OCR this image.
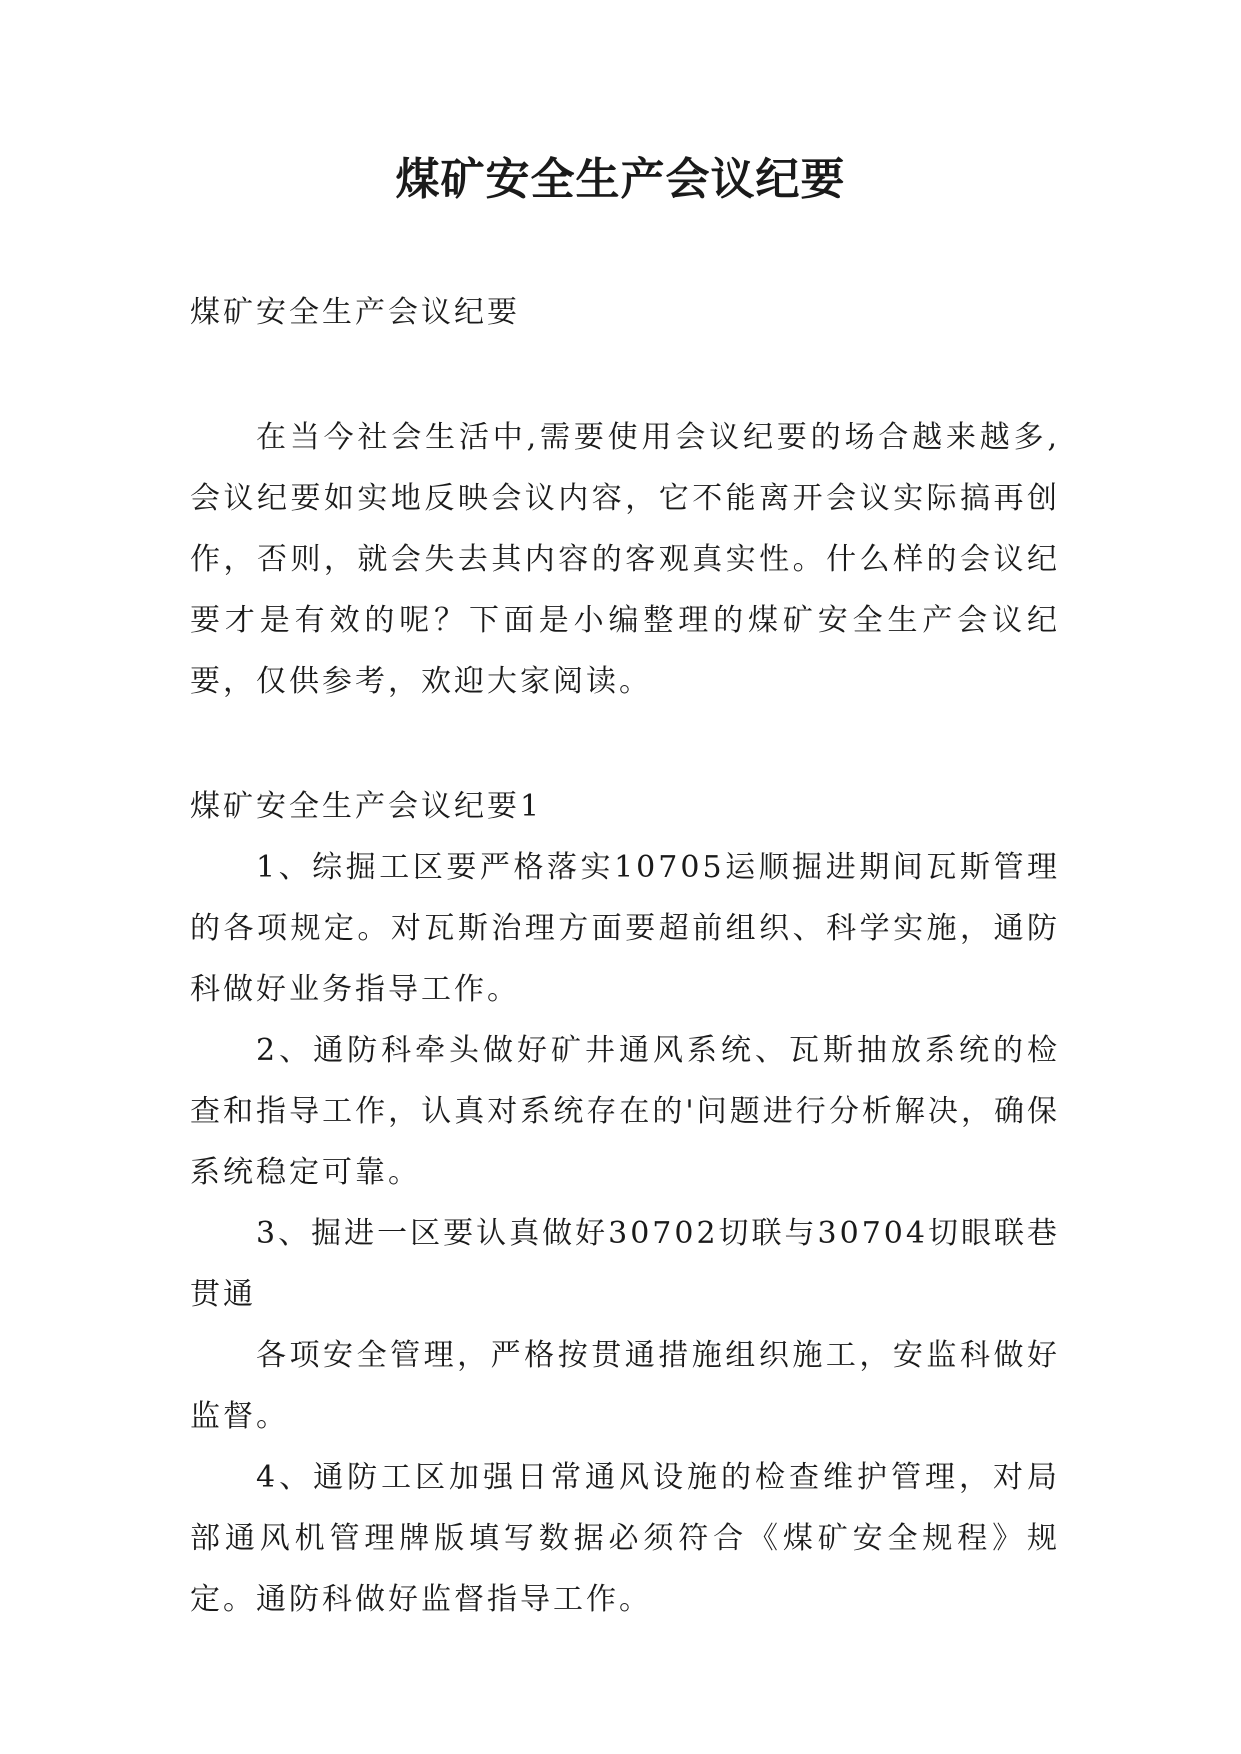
煤矿安全生产会议纪要

煤矿安全生产会议纪要

在当今社会生活中,需要使用会议纪要的场合越来越多,会议纪要如实地反映会议内容，它不能离开会议实际搞再创作，否则，就会失去其内容的客观真实性。什么样的会议纪要才是有效的呢？下面是小编整理的煤矿安全生产会议纪要，仅供参考，欢迎大家阅读。

煤矿安全生产会议纪要1

1、综掘工区要严格落实10705运顺掘进期间瓦斯管理的各项规定。对瓦斯治理方面要超前组织、科学实施，通防科做好业务指导工作。

2、通防科牵头做好矿井通风系统、瓦斯抽放系统的检查和指导工作，认真对系统存在的'问题进行分析解决，确保系统稳定可靠。

3、掘进一区要认真做好30702切联与30704切眼联巷贯通

各项安全管理，严格按贯通措施组织施工，安监科做好监督。

4、通防工区加强日常通风设施的检查维护管理，对局部通风机管理牌版填写数据必须符合《煤矿安全规程》规定。通防科做好监督指导工作。
